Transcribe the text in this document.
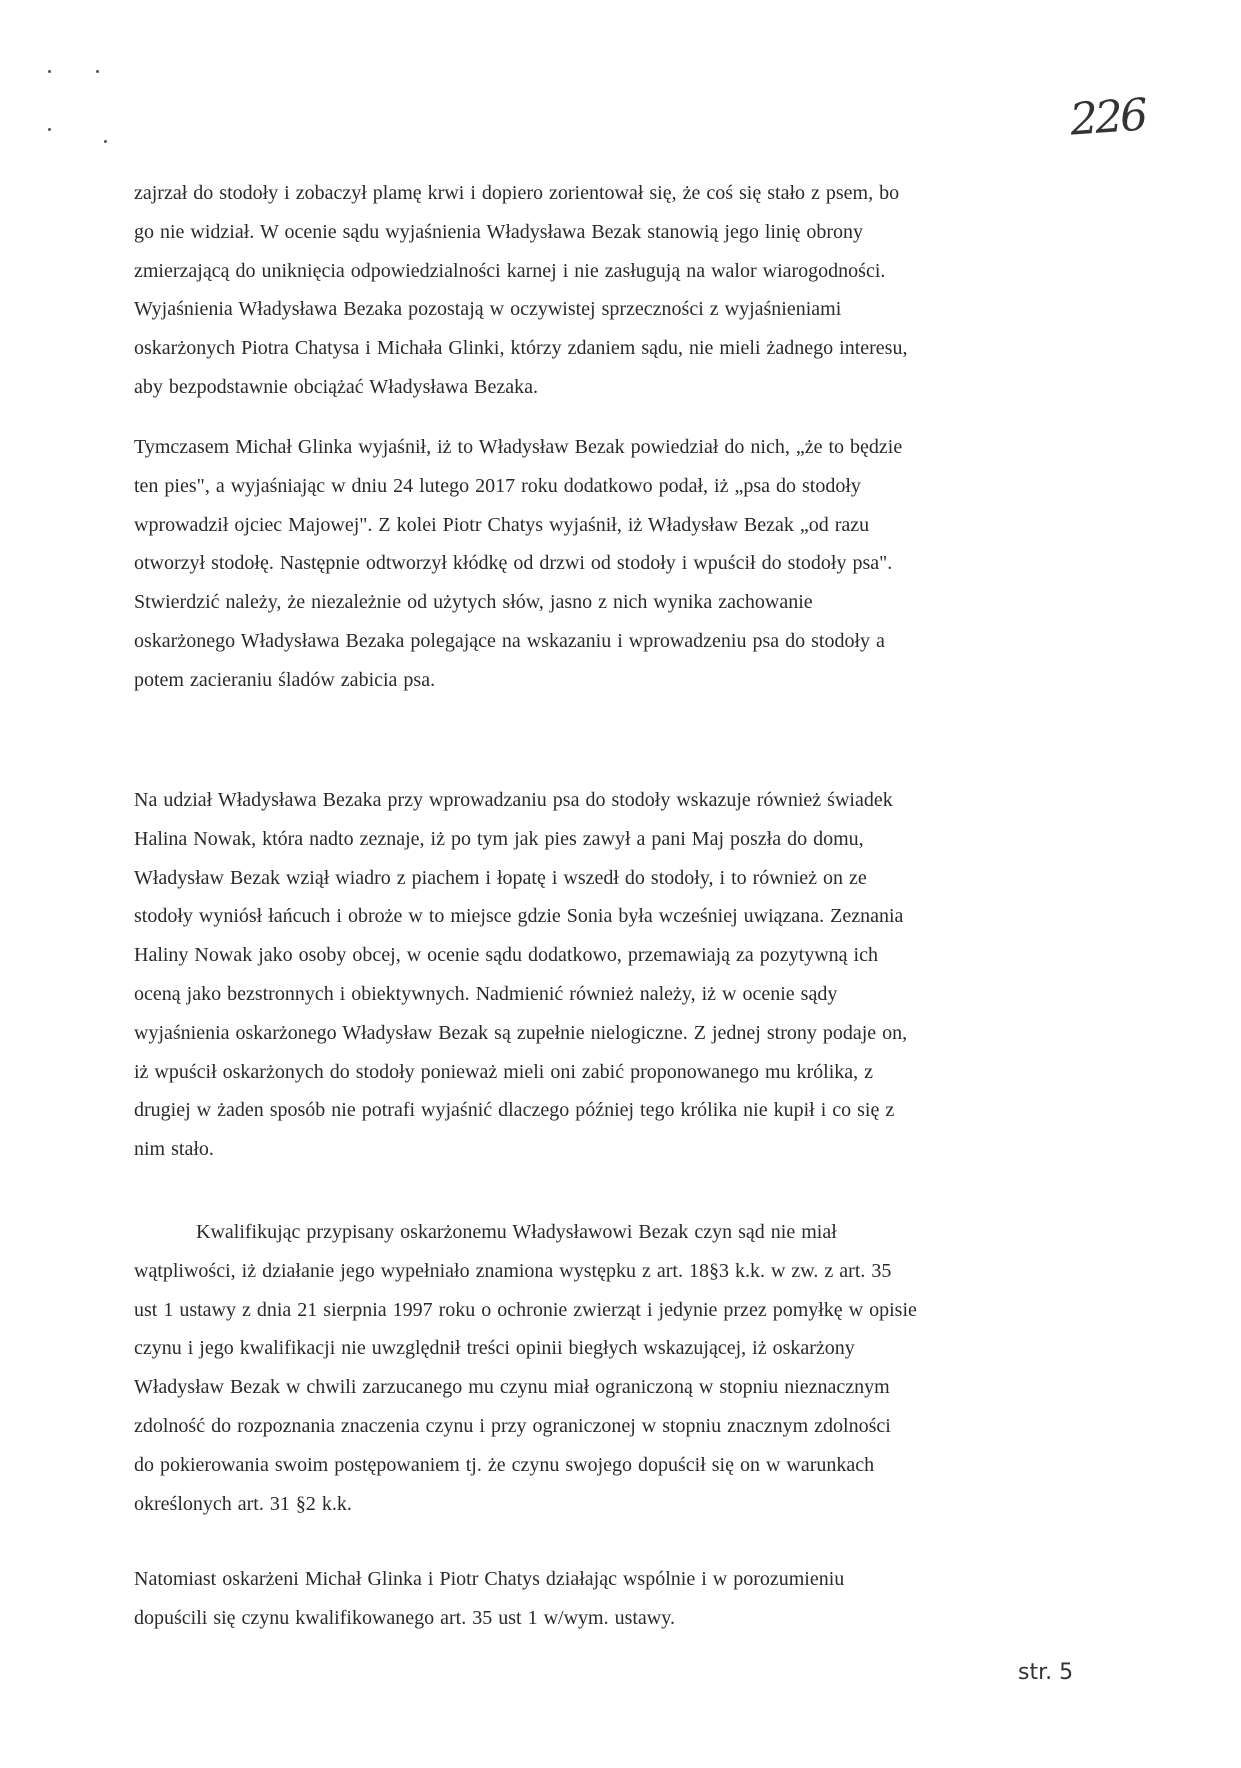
226
zajrzał do stodoły i zobaczył plamę krwi i dopiero zorientował się, że coś się stało z psem, bo
go nie widział. W ocenie sądu wyjaśnienia Władysława Bezak stanowią jego linię obrony
zmierzającą do uniknięcia odpowiedzialności karnej i nie zasługują na walor wiarogodności.
Wyjaśnienia Władysława Bezaka pozostają w oczywistej sprzeczności z wyjaśnieniami
oskarżonych Piotra Chatysa i Michała Glinki, którzy zdaniem sądu, nie mieli żadnego interesu,
aby bezpodstawnie obciążać Władysława Bezaka.
Tymczasem Michał Glinka wyjaśnił, iż to Władysław Bezak powiedział do nich, „że to będzie
ten pies", a wyjaśniając w dniu 24 lutego 2017 roku dodatkowo podał, iż „psa do stodoły
wprowadził ojciec Majowej". Z kolei Piotr Chatys wyjaśnił, iż Władysław Bezak „od razu
otworzył stodołę. Następnie odtworzył kłódkę od drzwi od stodoły i wpuścił do stodoły psa".
Stwierdzić należy, że niezależnie od użytych słów, jasno z nich wynika zachowanie
oskarżonego Władysława Bezaka polegające na wskazaniu i wprowadzeniu psa do stodoły a
potem zacieraniu śladów zabicia psa.
Na udział Władysława Bezaka przy wprowadzaniu psa do stodoły wskazuje również świadek
Halina Nowak, która nadto zeznaje, iż po tym jak pies zawył a pani Maj poszła do domu,
Władysław Bezak wziął wiadro z piachem i łopatę i wszedł do stodoły, i to również on ze
stodoły wyniósł łańcuch i obroże w to miejsce gdzie Sonia była wcześniej uwiązana. Zeznania
Haliny Nowak jako osoby obcej, w ocenie sądu dodatkowo, przemawiają za pozytywną ich
oceną jako bezstronnych i obiektywnych. Nadmienić również należy, iż w ocenie sądy
wyjaśnienia oskarżonego Władysław Bezak są zupełnie nielogiczne. Z jednej strony podaje on,
iż wpuścił oskarżonych do stodoły ponieważ mieli oni zabić proponowanego mu królika, z
drugiej w żaden sposób nie potrafi wyjaśnić dlaczego później tego królika nie kupił i co się z
nim stało.
Kwalifikując przypisany oskarżonemu Władysławowi Bezak czyn sąd nie miał
wątpliwości, iż działanie jego wypełniało znamiona występku z art. 18§3 k.k. w zw. z art. 35
ust 1 ustawy z dnia 21 sierpnia 1997 roku o ochronie zwierząt i jedynie przez pomyłkę w opisie
czynu i jego kwalifikacji nie uwzględnił treści opinii biegłych wskazującej, iż oskarżony
Władysław Bezak w chwili zarzucanego mu czynu miał ograniczoną w stopniu nieznacznym
zdolność do rozpoznania znaczenia czynu i przy ograniczonej w stopniu znacznym zdolności
do pokierowania swoim postępowaniem tj. że czynu swojego dopuścił się on w warunkach
określonych art. 31 §2 k.k.
Natomiast oskarżeni Michał Glinka i Piotr Chatys działając wspólnie i w porozumieniu
dopuścili się czynu kwalifikowanego art. 35 ust 1 w/wym. ustawy.
str. 5
